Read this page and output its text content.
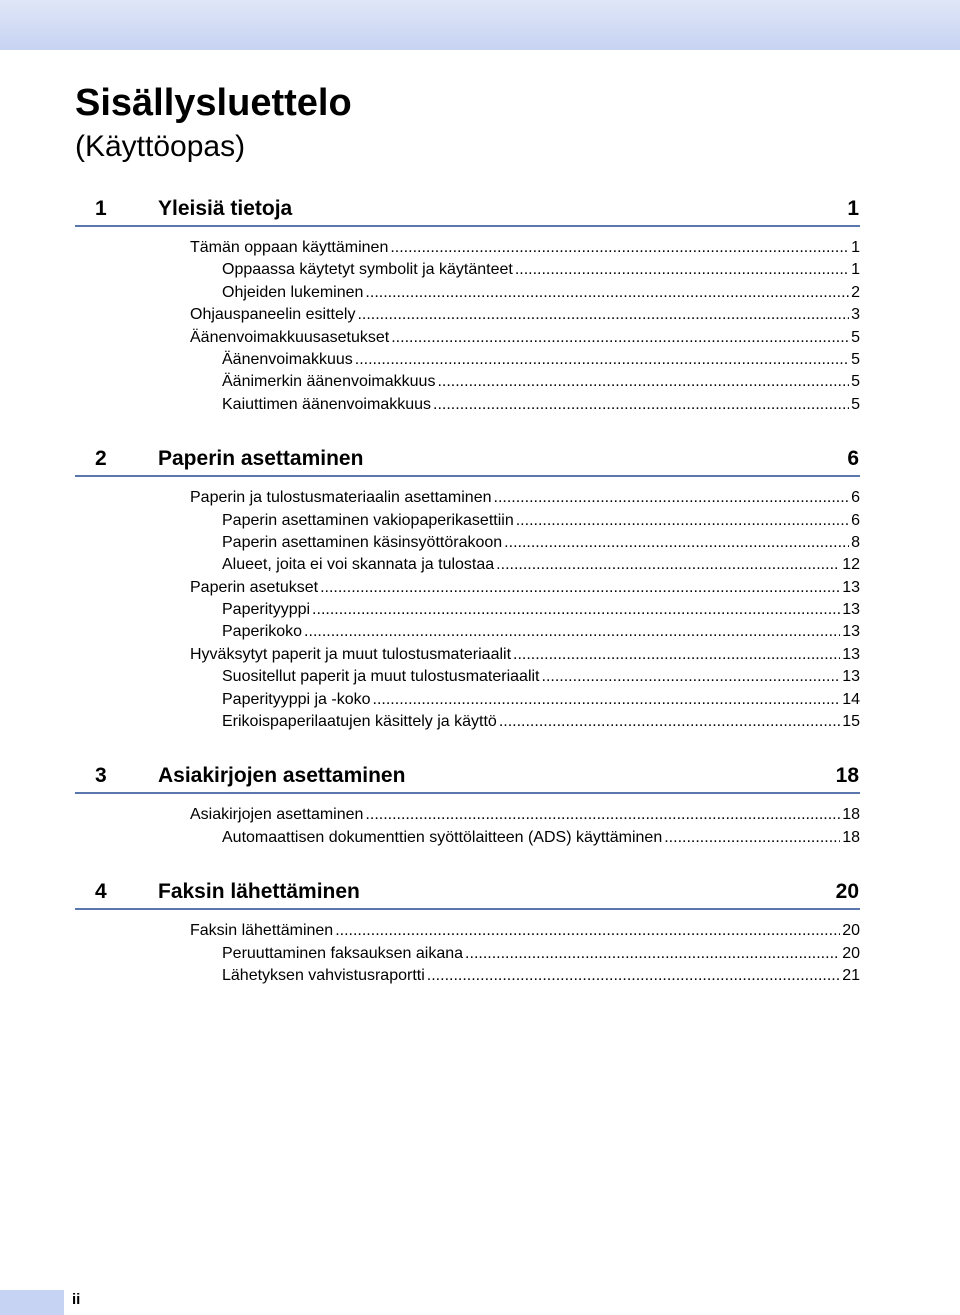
Sisällysluettelo
(Käyttöopas)
1	Yleisiä tietoja	1
Tämän oppaan käyttäminen .....	1
Oppaassa käytetyt symbolit ja käytänteet .....	1
Ohjeiden lukeminen .....	2
Ohjauspaneelin esittely .....	3
Äänenvoimakkuusasetukset .....	5
Äänenvoimakkuus .....	5
Äänimerkin äänenvoimakkuus .....	5
Kaiuttimen äänenvoimakkuus .....	5
2	Paperin asettaminen	6
Paperin ja tulostusmateriaalin asettaminen .....	6
Paperin asettaminen vakiopaperikasettiin .....	6
Paperin asettaminen käsinsyöttörakoon .....	8
Alueet, joita ei voi skannata ja tulostaa .....	12
Paperin asetukset .....	13
Paperityyppi .....	13
Paperikoko .....	13
Hyväksytyt paperit ja muut tulostusmateriaalit .....	13
Suositellut paperit ja muut tulostusmateriaalit .....	13
Paperityyppi ja -koko .....	14
Erikoispaperilaatujen käsittely ja käyttö .....	15
3	Asiakirjojen asettaminen	18
Asiakirjojen asettaminen .....	18
Automaattisen dokumenttien syöttölaitteen (ADS) käyttäminen .....	18
4	Faksin lähettäminen	20
Faksin lähettäminen .....	20
Peruuttaminen faksauksen aikana .....	20
Lähetyksen vahvistusraportti .....	21
ii
